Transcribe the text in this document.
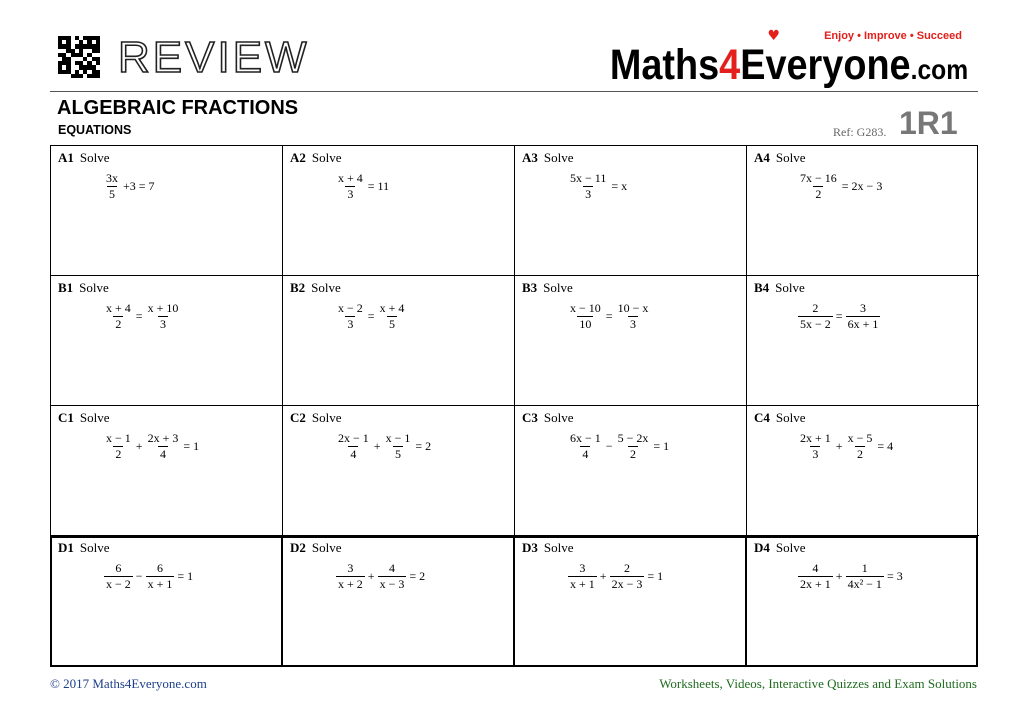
REVIEW	Enjoy • Improve • Succeed
♥
Maths4Everyone.com
ALGEBRAIC FRACTIONS
EQUATIONS	Ref: G283. 1R1
A1 Solve
$\frac{3x}{5} +3 = 7$
A2 Solve
$\frac{x + 4}{3} = 11$
A3 Solve
$\frac{5x - 11}{3} = x$
A4 Solve
$\frac{7x - 16}{2} = 2x - 3$
B1 Solve
$\frac{x + 4}{2} = \frac{x + 10}{3}$
B2 Solve
$\frac{x - 2}{3} = \frac{x + 4}{5}$
B3 Solve
$\frac{x - 10}{10} = \frac{10 - x}{3}$
B4 Solve
$\frac{2}{5x - 2} = \frac{3}{6x + 1}$
C1 Solve
$\frac{x - 1}{2} + \frac{2x + 3}{4} = 1$
C2 Solve
$\frac{2x - 1}{4} + \frac{x - 1}{5} = 2$
C3 Solve
$\frac{6x - 1}{4} - \frac{5 - 2x}{2} = 1$
C4 Solve
$\frac{2x + 1}{3} + \frac{x - 5}{2} = 4$
D1 Solve
$\frac{6}{x - 2} - \frac{6}{x + 1} = 1$
D2 Solve
$\frac{3}{x + 2} + \frac{4}{x - 3} = 2$
D3 Solve
$\frac{3}{x + 1} + \frac{2}{2x - 3} = 1$
D4 Solve
$\frac{4}{2x + 1} + \frac{1}{\text{4x² − 1}} = 3$
© 2017 Maths4Everyone.com	Worksheets, Videos, Interactive Quizzes and Exam Solutions
